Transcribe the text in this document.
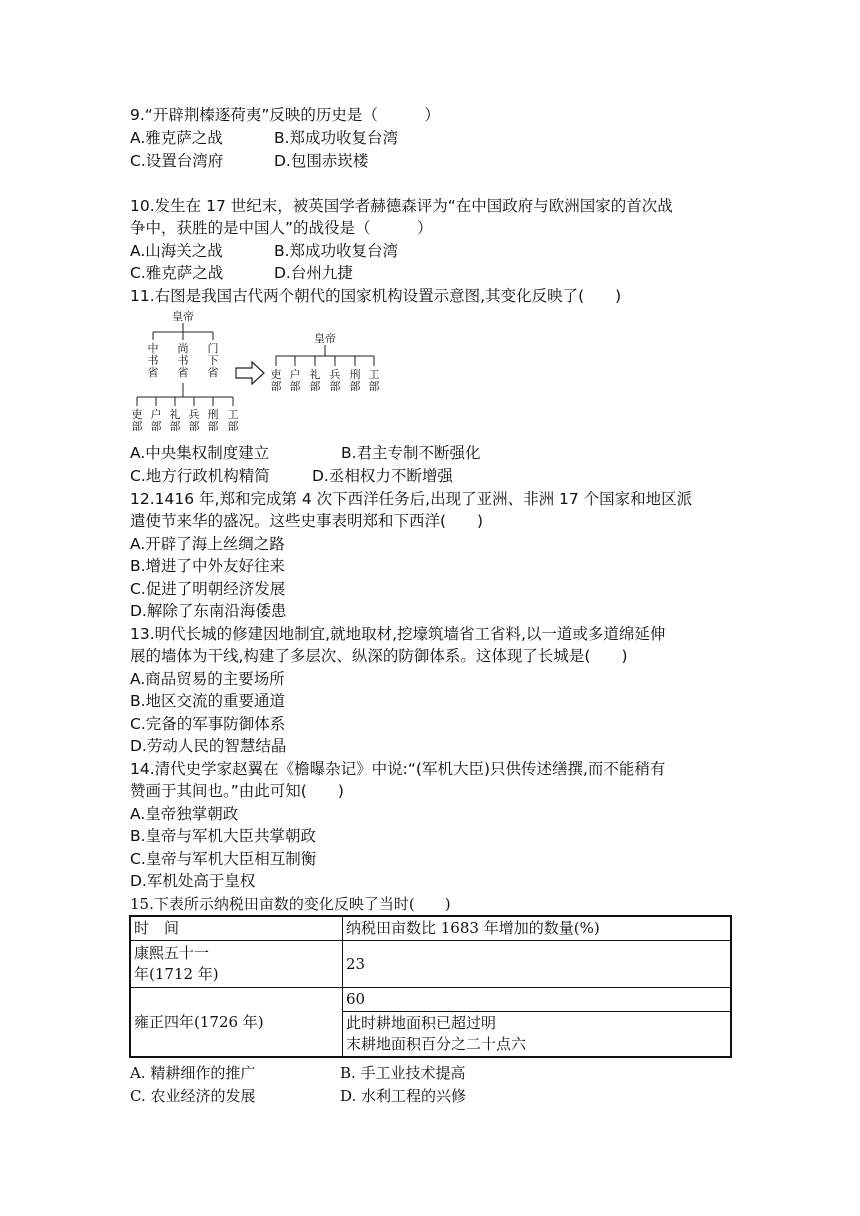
9.“开辟荆榛逐荷夷”反映的历史是（　　　）
A.雅克萨之战	B.郑成功收复台湾
C.设置台湾府	D.包围赤崁楼
10.发生在 17 世纪末，被英国学者赫德森评为“在中国政府与欧洲国家的首次战
争中，获胜的是中国人”的战役是（　　　）
A.山海关之战	B.郑成功收复台湾
C.雅克萨之战	D.台州九捷
11.右图是我国古代两个朝代的国家机构设置示意图,其变化反映了(　　)
皇帝
中书省
尚书省
门下省
吏部
户部
礼部
兵部
刑部
工部
皇帝
吏部
户部
礼部
兵部
刑部
工部
A.中央集权制度建立	B.君主专制不断强化
C.地方行政机构精简	D.丞相权力不断增强
12.1416 年,郑和完成第 4 次下西洋任务后,出现了亚洲、非洲 17 个国家和地区派
遣使节来华的盛况。这些史事表明郑和下西洋(　　)
A.开辟了海上丝绸之路
B.增进了中外友好往来
C.促进了明朝经济发展
D.解除了东南沿海倭患
13.明代长城的修建因地制宜,就地取材,挖壕筑墙省工省料,以一道或多道绵延伸
展的墙体为干线,构建了多层次、纵深的防御体系。这体现了长城是(　　)
A.商品贸易的主要场所
B.地区交流的重要通道
C.完备的军事防御体系
D.劳动人民的智慧结晶
14.清代史学家赵翼在《檐曝杂记》中说:“(军机大臣)只供传述缮撰,而不能稍有
赞画于其间也。”由此可知(　　)
A.皇帝独掌朝政
B.皇帝与军机大臣共掌朝政
C.皇帝与军机大臣相互制衡
D.军机处高于皇权
15.下表所示纳税田亩数的变化反映了当时(　　)
时　间	纳税田亩数比 1683 年增加的数量(%)

康熙五十一
年(1712 年)	23
雍正四年(1726 年)	60

	此时耕地面积已超过明
末耕地面积百分之二十点六
A. 精耕细作的推广	B. 手工业技术提高
C. 农业经济的发展	D. 水利工程的兴修
